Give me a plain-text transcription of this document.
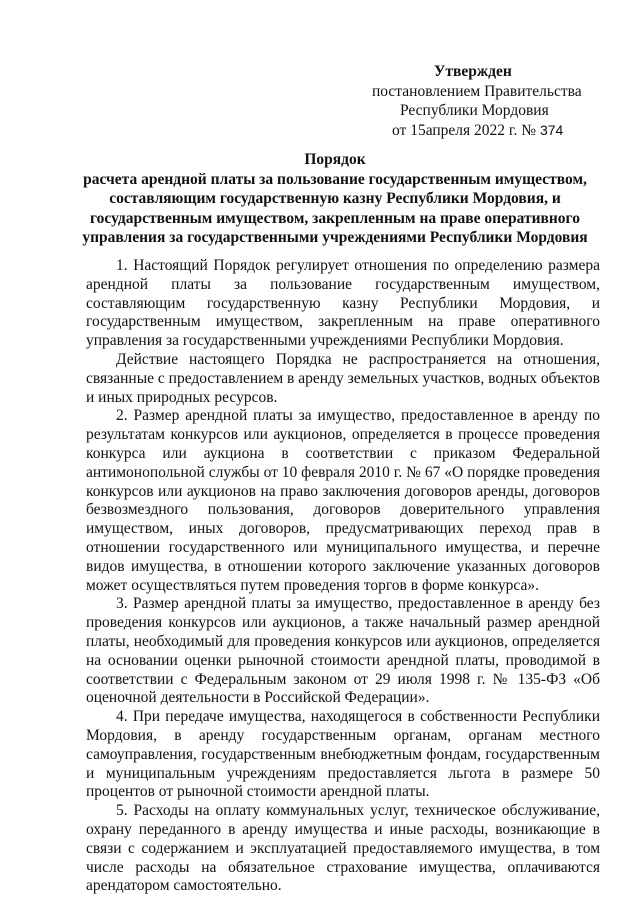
Утвержден
постановлением Правительства
Республики Мордовия
от 15апреля 2022 г. № 374
Порядок
расчета арендной платы за пользование государственным имуществом,
составляющим государственную казну Республики Мордовия, и
государственным имуществом, закрепленным на праве оперативного
управления за государственными учреждениями Республики Мордовия

1. Настоящий Порядок регулирует отношения по определению размера арендной платы за пользование государственным имуществом, составляющим государственную казну Республики Мордовия, и государственным имуществом, закрепленным на праве оперативного управления за государственными учреждениями Республики Мордовия.

Действие настоящего Порядка не распространяется на отношения, связанные с предоставлением в аренду земельных участков, водных объектов и иных природных ресурсов.

2. Размер арендной платы за имущество, предоставленное в аренду по результатам конкурсов или аукционов, определяется в процессе проведения конкурса или аукциона в соответствии с приказом Федеральной антимонопольной службы от 10 февраля 2010 г. № 67 «О порядке проведения конкурсов или аукционов на право заключения договоров аренды, договоров безвозмездного пользования, договоров доверительного управления имуществом, иных договоров, предусматривающих переход прав в отношении государственного или муниципального имущества, и перечне видов имущества, в отношении которого заключение указанных договоров может осуществляться путем проведения торгов в форме конкурса».

3. Размер арендной платы за имущество, предоставленное в аренду без проведения конкурсов или аукционов, а также начальный размер арендной платы, необходимый для проведения конкурсов или аукционов, определяется на основании оценки рыночной стоимости арендной платы, проводимой в соответствии с Федеральным законом от 29 июля 1998 г. № 135-ФЗ «Об оценочной деятельности в Российской Федерации».

4. При передаче имущества, находящегося в собственности Республики Мордовия, в аренду государственным органам, органам местного самоуправления, государственным внебюджетным фондам, государственным и муниципальным учреждениям предоставляется льгота в размере 50 процентов от рыночной стоимости арендной платы.

5. Расходы на оплату коммунальных услуг, техническое обслуживание, охрану переданного в аренду имущества и иные расходы, возникающие в связи с содержанием и эксплуатацией предоставляемого имущества, в том числе расходы на обязательное страхование имущества, оплачиваются арендатором самостоятельно.
